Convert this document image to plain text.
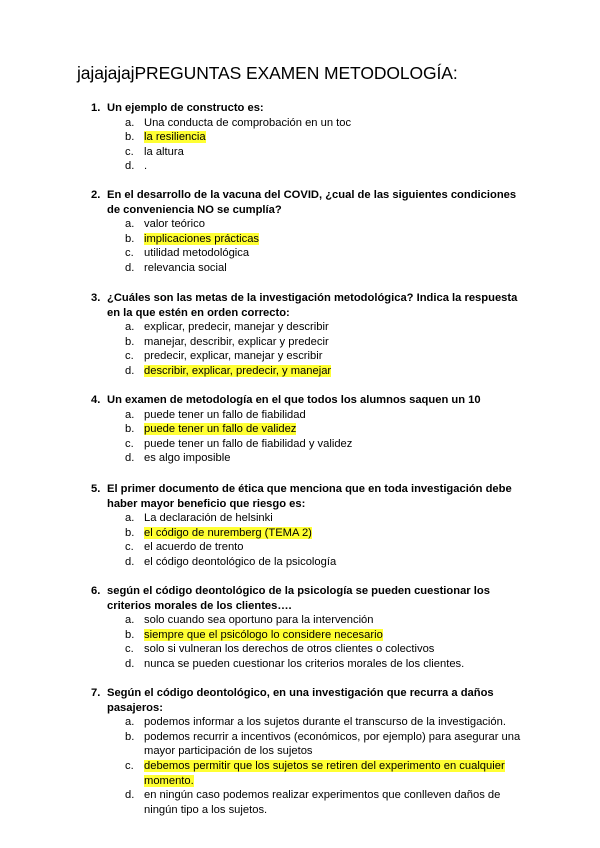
jajajajajPREGUNTAS EXAMEN METODOLOGÍA:
1. Un ejemplo de constructo es:
a. Una conducta de comprobación en un toc
b. la resiliencia
c. la altura
d. .
2. En el desarrollo de la vacuna del COVID, ¿cual de las siguientes condiciones de conveniencia NO se cumplía?
a. valor teórico
b. implicaciones prácticas
c. utilidad metodológica
d. relevancia social
3. ¿Cuáles son las metas de la investigación metodológica? Indica la respuesta en la que estén en orden correcto:
a. explicar, predecir, manejar y describir
b. manejar, describir, explicar y predecir
c. predecir, explicar, manejar y escribir
d. describir, explicar, predecir, y manejar
4. Un examen de metodología en el que todos los alumnos saquen un 10
a. puede tener un fallo de fiabilidad
b. puede tener un fallo de validez
c. puede tener un fallo de fiabilidad y validez
d. es algo imposible
5. El primer documento de ética que menciona que en toda investigación debe haber mayor beneficio que riesgo es:
a. La declaración de helsinki
b. el código de nuremberg (TEMA 2)
c. el acuerdo de trento
d. el código deontológico de la psicología
6. según el código deontológico de la psicología se pueden cuestionar los criterios morales de los clientes….
a. solo cuando sea oportuno para la intervención
b. siempre que el psicólogo lo considere necesario
c. solo si vulneran los derechos de otros clientes o colectivos
d. nunca se pueden cuestionar los criterios morales de los clientes.
7. Según el código deontológico, en una investigación que recurra a daños pasajeros:
a. podemos informar a los sujetos durante el transcurso de la investigación.
b. podemos recurrir a incentivos (económicos, por ejemplo) para asegurar una mayor participación de los sujetos
c. debemos permitir que los sujetos se retiren del experimento en cualquier momento.
d. en ningún caso podemos realizar experimentos que conlleven daños de ningún tipo a los sujetos.
